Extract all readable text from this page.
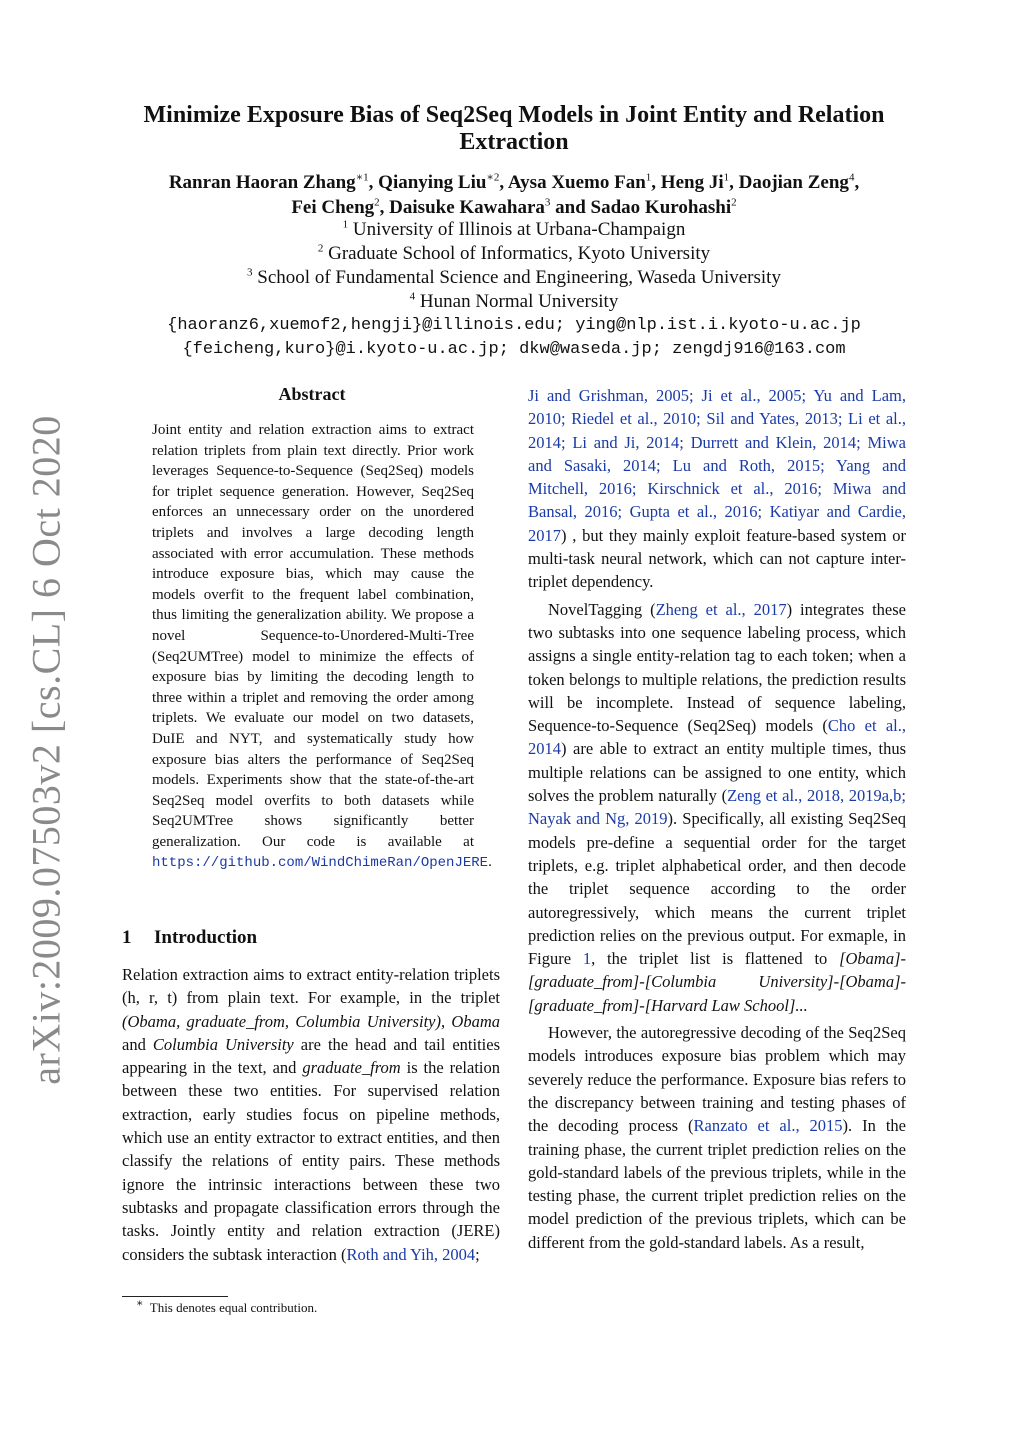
arXiv:2009.07503v2 [cs.CL] 6 Oct 2020
Minimize Exposure Bias of Seq2Seq Models in Joint Entity and Relation
Extraction
Ranran Haoran Zhang$^{∗1}$, Qianying Liu$^{∗2}$, Aysa Xuemo Fan$^1$, Heng Ji$^1$, Daojian Zeng$^4$,
Fei Cheng$^2$, Daisuke Kawahara$^3$ and Sadao Kurohashi$^2$
$^1$ University of Illinois at Urbana-Champaign
$^2$ Graduate School of Informatics, Kyoto University
$^3$ School of Fundamental Science and Engineering, Waseda University
$^4$ Hunan Normal University
{haoranz6,xuemof2,hengji}@illinois.edu; ying@nlp.ist.i.kyoto-u.ac.jp
{feicheng,kuro}@i.kyoto-u.ac.jp; dkw@waseda.jp; zengdj916@163.com
Abstract
Joint entity and relation extraction aims to extract relation triplets from plain text directly. Prior work leverages Sequence-to-Sequence (Seq2Seq) models for triplet sequence generation. However, Seq2Seq enforces an unnecessary order on the unordered triplets and involves a large decoding length associated with error accumulation. These methods introduce exposure bias, which may cause the models overfit to the frequent label combination, thus limiting the generalization ability. We propose a novel Sequence-to-Unordered-Multi-Tree (Seq2UMTree) model to minimize the effects of exposure bias by limiting the decoding length to three within a triplet and removing the order among triplets. We evaluate our model on two datasets, DuIE and NYT, and systematically study how exposure bias alters the performance of Seq2Seq models. Experiments show that the state-of-the-art Seq2Seq model overfits to both datasets while Seq2UMTree shows significantly better generalization. Our code is available at https://github.com/WindChimeRan/OpenJERE.
1 Introduction
Relation extraction aims to extract entity-relation triplets (h, r, t) from plain text. For example, in the triplet (Obama, graduate_from, Columbia University), Obama and Columbia University are the head and tail entities appearing in the text, and graduate_from is the relation between these two entities. For supervised relation extraction, early studies focus on pipeline methods, which use an entity extractor to extract entities, and then classify the relations of entity pairs. These methods ignore the intrinsic interactions between these two subtasks and propagate classification errors through the tasks. Jointly entity and relation extraction (JERE) considers the subtask interaction (Roth and Yih, 2004;
∗ This denotes equal contribution.

Ji and Grishman, 2005; Ji et al., 2005; Yu and Lam, 2010; Riedel et al., 2010; Sil and Yates, 2013; Li et al., 2014; Li and Ji, 2014; Durrett and Klein, 2014; Miwa and Sasaki, 2014; Lu and Roth, 2015; Yang and Mitchell, 2016; Kirschnick et al., 2016; Miwa and Bansal, 2016; Gupta et al., 2016; Katiyar and Cardie, 2017) , but they mainly exploit feature-based system or multi-task neural network, which can not capture inter-triplet dependency.

NovelTagging (Zheng et al., 2017) integrates these two subtasks into one sequence labeling process, which assigns a single entity-relation tag to each token; when a token belongs to multiple relations, the prediction results will be incomplete. Instead of sequence labeling, Sequence-to-Sequence (Seq2Seq) models (Cho et al., 2014) are able to extract an entity multiple times, thus multiple relations can be assigned to one entity, which solves the problem naturally (Zeng et al., 2018, 2019a,b; Nayak and Ng, 2019). Specifically, all existing Seq2Seq models pre-define a sequential order for the target triplets, e.g. triplet alphabetical order, and then decode the triplet sequence according to the order autoregressively, which means the current triplet prediction relies on the previous output. For exmaple, in Figure 1, the triplet list is flattened to [Obama]-[graduate_from]-[Columbia University]-[Obama]-[graduate_from]-[Harvard Law School]...

However, the autoregressive decoding of the Seq2Seq models introduces exposure bias problem which may severely reduce the performance. Exposure bias refers to the discrepancy between training and testing phases of the decoding process (Ranzato et al., 2015). In the training phase, the current triplet prediction relies on the gold-standard labels of the previous triplets, while in the testing phase, the current triplet prediction relies on the model prediction of the previous triplets, which can be different from the gold-standard labels. As a result,
